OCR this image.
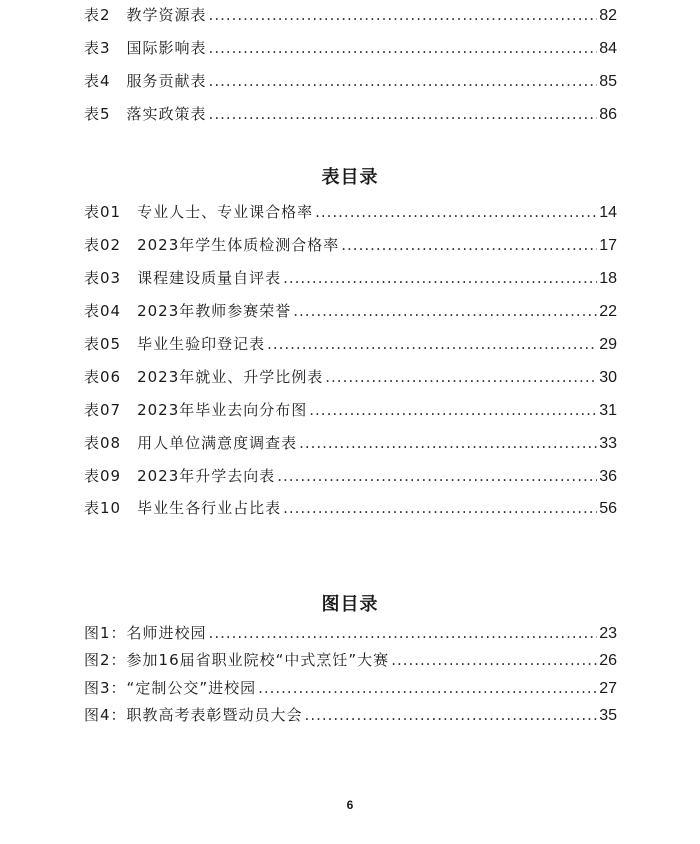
表2　教学资源表 .....	82
表3　国际影响表 .....	84
表4　服务贡献表 .....	85
表5　落实政策表 .....	86
表目录
表01　专业人士、专业课合格率 .....	14
表02　2023年学生体质检测合格率 .....	17
表03　课程建设质量自评表 .....	18
表04　2023年教师参赛荣誉 .....	22
表05　毕业生验印登记表 .....	29
表06　2023年就业、升学比例表 .....	30
表07　2023年毕业去向分布图 .....	31
表08　用人单位满意度调查表 .....	33
表09　2023年升学去向表 .....	36
表10　毕业生各行业占比表 .....	56
图目录
图1：名师进校园 .....	23
图2：参加16届省职业院校“中式烹饪”大赛 .....	26
图3：“定制公交”进校园 .....	27
图4：职教高考表彰暨动员大会 .....	35
6
